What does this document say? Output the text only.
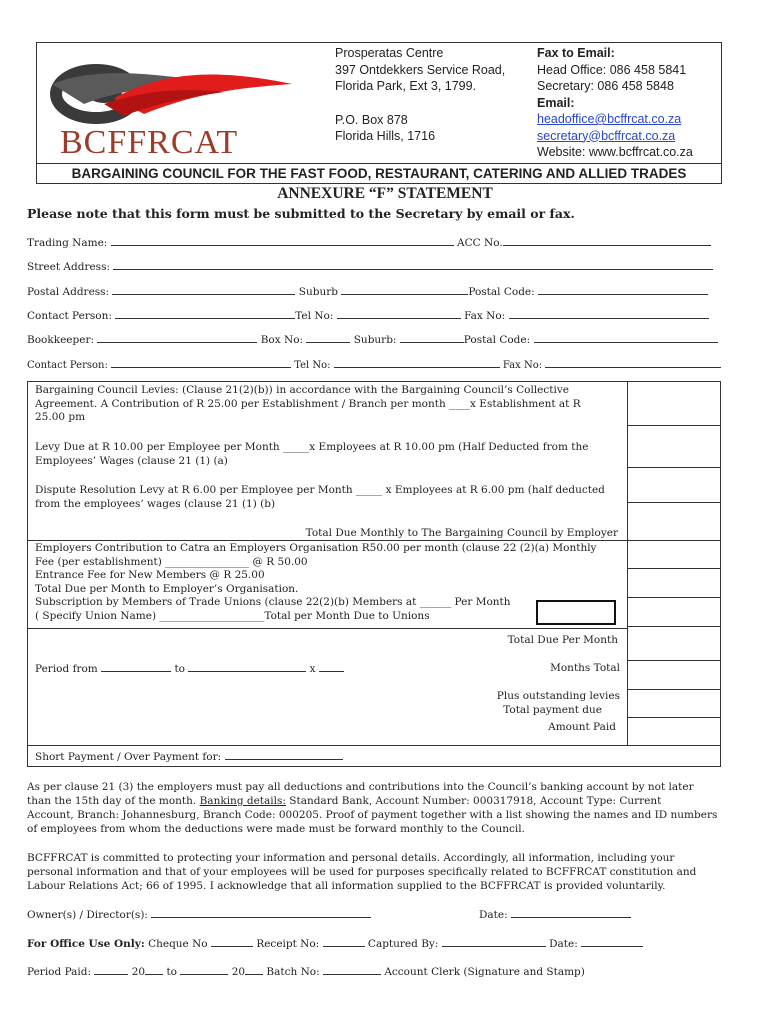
BCFFRCAT
Prosperatas Centre
397 Ontdekkers Service Road,
Florida Park, Ext 3, 1799.
P.O. Box 878
Florida Hills, 1716
Fax to Email:
Head Office: 086 458 5841
Secretary: 086 458 5848
Email:
headoffice@bcffrcat.co.za
secretary@bcffrcat.co.za
Website: www.bcffrcat.co.za
BARGAINING COUNCIL FOR THE FAST FOOD, RESTAURANT, CATERING AND ALLIED TRADES
ANNEXURE “F” STATEMENT
Please note that this form must be submitted to the Secretary by email or fax.
Trading Name:	ACC No.
Street Address:
Postal Address:	Suburb	Postal Code:
Contact Person:	Tel No:	Fax No:
Bookkeeper:	Box No:	Suburb:	Postal Code:
Contact Person:	Tel No:	Fax No:
Bargaining Council Levies: (Clause 21(2)(b)) in accordance with the Bargaining Council’s Collective
Agreement. A Contribution of R 25.00 per Establishment / Branch per month ____x Establishment at R
25.00 pm
Levy Due at R 10.00 per Employee per Month _____x Employees at R 10.00 pm (Half Deducted from the
Employees’ Wages (clause 21 (1) (a)
Dispute Resolution Levy at R 6.00 per Employee per Month _____ x Employees at R 6.00 pm (half deducted
from the employees’ wages (clause 21 (1) (b)
Total Due Monthly to The Bargaining Council by Employer
Employers Contribution to Catra an Employers Organisation R50.00 per month (clause 22 (2)(a) Monthly
Fee (per establishment) ________________ @ R 50.00
Entrance Fee for New Members @ R 25.00
Total Due per Month to Employer’s Organisation.
Subscription by Members of Trade Unions (clause 22(2)(b) Members at ______ Per Month
( Specify Union Name) ____________________Total per Month Due to Unions
Total Due Per Month
Period from	to	x	Months Total
Plus outstanding levies
Total payment due
Amount Paid
Short Payment / Over Payment for:
As per clause 21 (3) the employers must pay all deductions and contributions into the Council’s banking account by not later
than the 15th day of the month. Banking details: Standard Bank, Account Number: 000317918, Account Type: Current
Account, Branch: Johannesburg, Branch Code: 000205. Proof of payment together with a list showing the names and ID numbers
of employees from whom the deductions were made must be forward monthly to the Council.
BCFFRCAT is committed to protecting your information and personal details. Accordingly, all information, including your
personal information and that of your employees will be used for purposes specifically related to BCFFRCAT constitution and
Labour Relations Act; 66 of 1995. I acknowledge that all information supplied to the BCFFRCAT is provided voluntarily.
Owner(s) / Director(s):	Date:
For Office Use Only: Cheque No	Receipt No:	Captured By:	Date:
Period Paid:	20 to	20 Batch No:	Account Clerk (Signature and Stamp)
